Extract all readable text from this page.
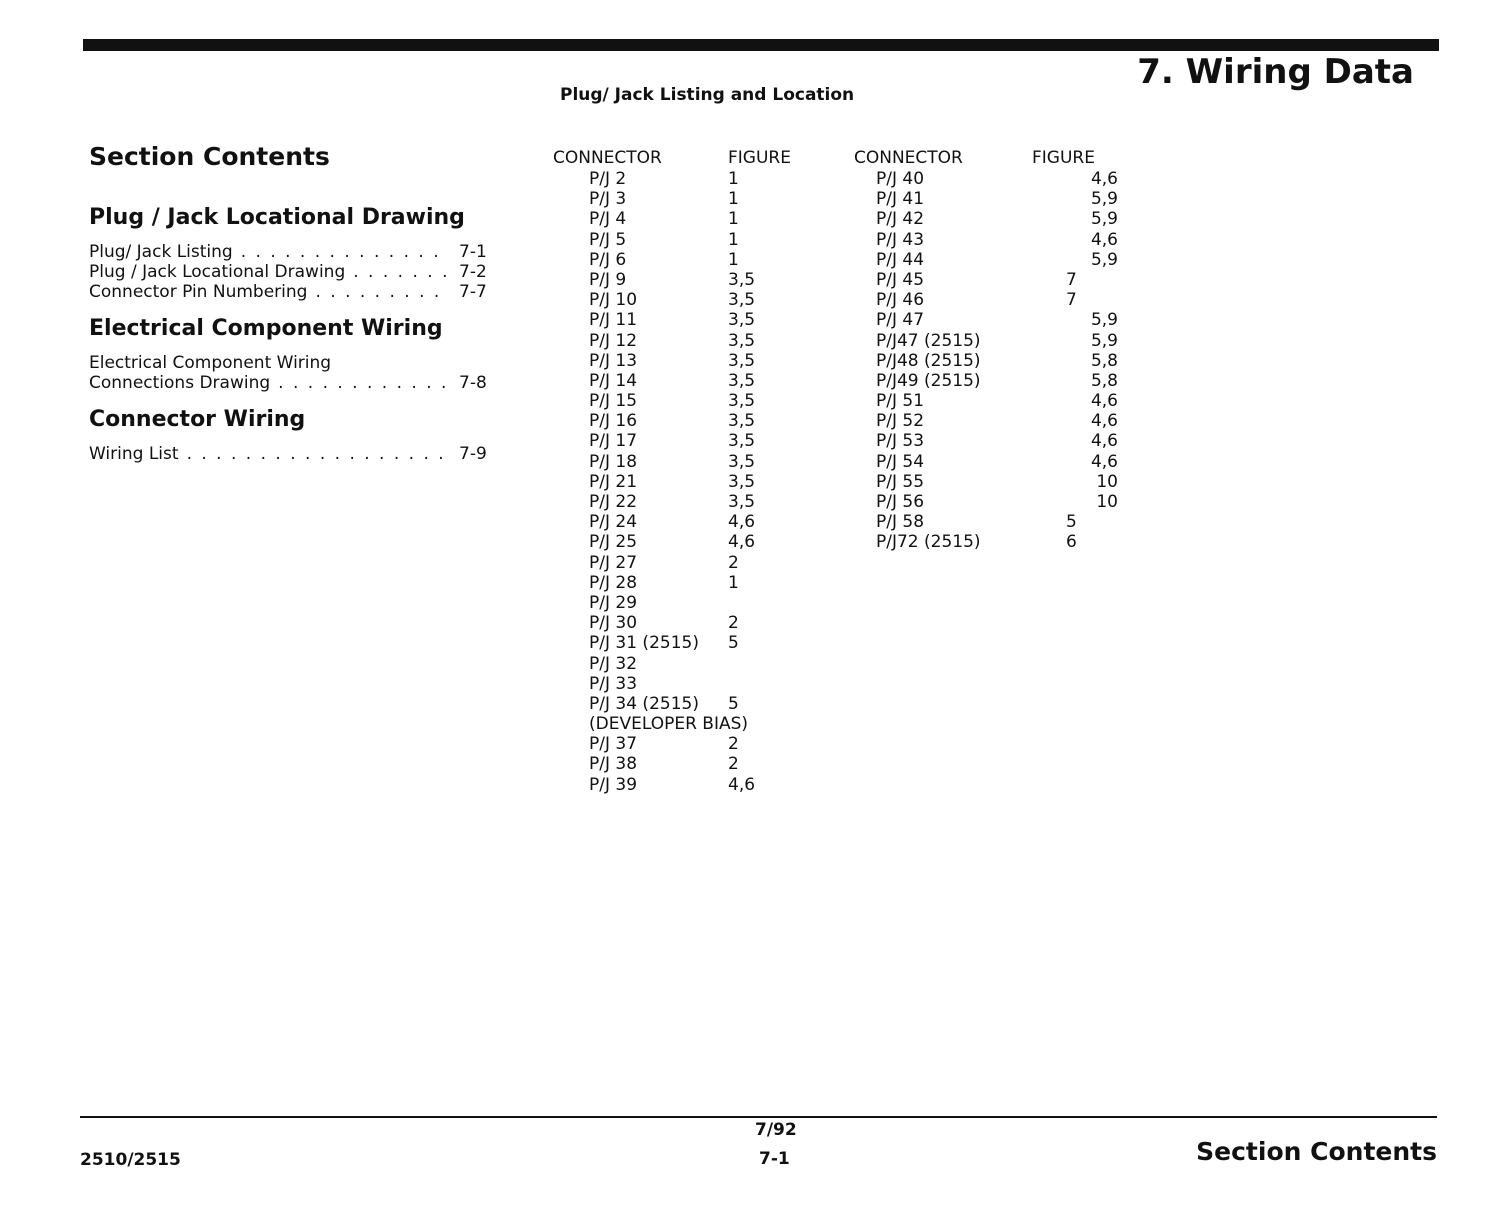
7. Wiring Data
Plug/ Jack Listing and Location
Section Contents
Plug / Jack Locational Drawing
Plug/ Jack Listing . . .	7-1
Plug / Jack Locational Drawing . . .	7-2
Connector Pin Numbering . . .	7-7
Electrical Component Wiring
Electrical Component Wiring
Connections Drawing . . .	7-8
Connector Wiring
Wiring List . . .	7-9
CONNECTOR	FIGURE
P/J 2	1
P/J 3	1
P/J 4	1
P/J 5	1
P/J 6	1
P/J 9	3,5
P/J 10	3,5
P/J 11	3,5
P/J 12	3,5
P/J 13	3,5
P/J 14	3,5
P/J 15	3,5
P/J 16	3,5
P/J 17	3,5
P/J 18	3,5
P/J 21	3,5
P/J 22	3,5
P/J 24	4,6
P/J 25	4,6
P/J 27	2
P/J 28	1
P/J 29
P/J 30	2
P/J 31 (2515)	5
P/J 32
P/J 33
P/J 34 (2515)	5
(DEVELOPER BIAS)
P/J 37	2
P/J 38	2
P/J 39	4,6
CONNECTOR	FIGURE
P/J 40	4,6
P/J 41	5,9
P/J 42	5,9
P/J 43	4,6
P/J 44	5,9
P/J 45	7
P/J 46	7
P/J 47	5,9
P/J47 (2515)	5,9
P/J48 (2515)	5,8
P/J49 (2515)	5,8
P/J 51	4,6
P/J 52	4,6
P/J 53	4,6
P/J 54	4,6
P/J 55	10
P/J 56	10
P/J 58	5
P/J72 (2515)	6
7/92
7-1
2510/2515	Section Contents
